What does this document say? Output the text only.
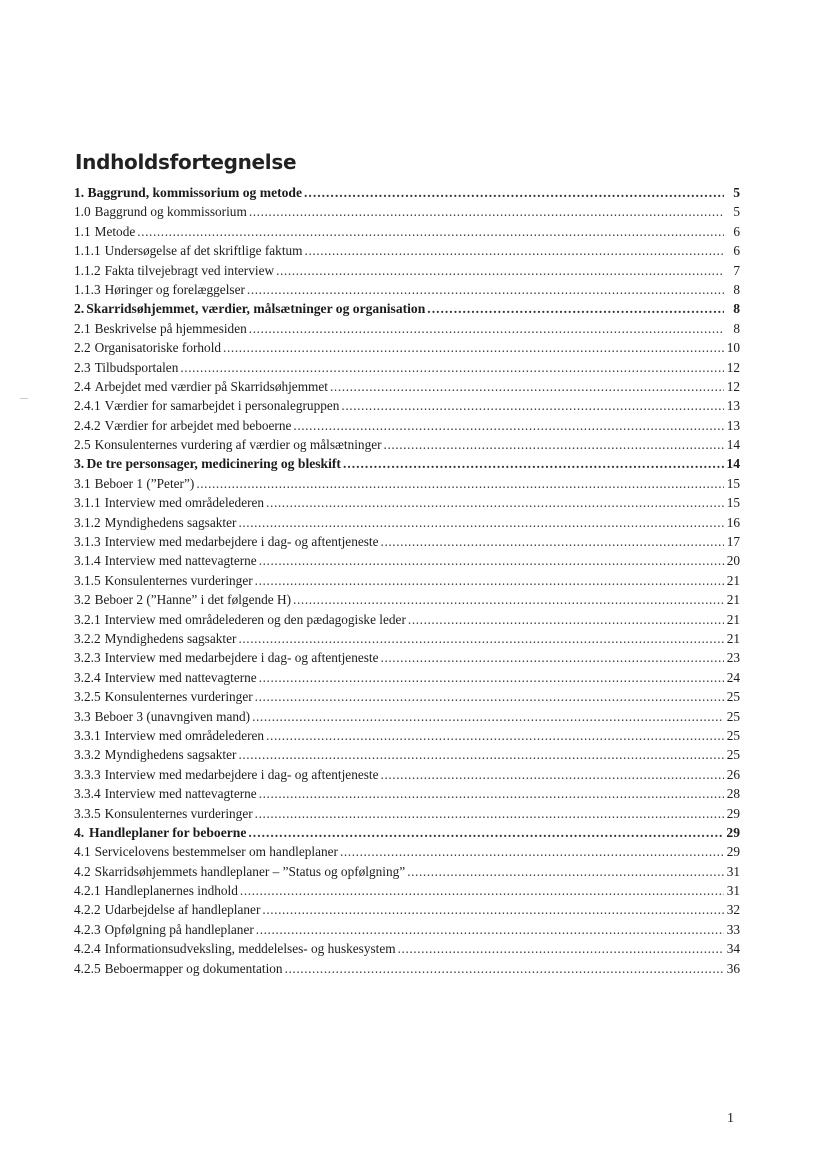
Indholdsfortegnelse
1. Baggrund, kommissorium og metode .....	5
1.0 Baggrund og kommissorium .....	5
1.1 Metode .....	6
1.1.1 Undersøgelse af det skriftlige faktum .....	6
1.1.2 Fakta tilvejebragt ved interview .....	7
1.1.3 Høringer og forelæggelser .....	8
2. Skarridsøhjemmet, værdier, målsætninger og organisation .....	8
2.1 Beskrivelse på hjemmesiden .....	8
2.2 Organisatoriske forhold .....	10
2.3 Tilbudsportalen .....	12
2.4 Arbejdet med værdier på Skarridsøhjemmet .....	12
2.4.1 Værdier for samarbejdet i personalegruppen .....	13
2.4.2 Værdier for arbejdet med beboerne .....	13
2.5 Konsulenternes vurdering af værdier og målsætninger .....	14
3. De tre personsager, medicinering og bleskift .....	14
3.1 Beboer 1 (”Peter”) .....	15
3.1.1 Interview med områdelederen .....	15
3.1.2 Myndighedens sagsakter .....	16
3.1.3 Interview med medarbejdere i dag- og aftentjeneste .....	17
3.1.4 Interview med nattevagterne .....	20
3.1.5 Konsulenternes vurderinger .....	21
3.2 Beboer 2 (”Hanne” i det følgende H) .....	21
3.2.1 Interview med områdelederen og den pædagogiske leder .....	21
3.2.2 Myndighedens sagsakter .....	21
3.2.3 Interview med medarbejdere i dag- og aftentjeneste .....	23
3.2.4 Interview med nattevagterne .....	24
3.2.5 Konsulenternes vurderinger .....	25
3.3 Beboer 3 (unavngiven mand) .....	25
3.3.1 Interview med områdelederen .....	25
3.3.2 Myndighedens sagsakter .....	25
3.3.3 Interview med medarbejdere i dag- og aftentjeneste .....	26
3.3.4 Interview med nattevagterne .....	28
3.3.5 Konsulenternes vurderinger .....	29
4. Handleplaner for beboerne .....	29
4.1 Servicelovens bestemmelser om handleplaner .....	29
4.2 Skarridsøhjemmets handleplaner – ”Status og opfølgning” .....	31
4.2.1 Handleplanernes indhold .....	31
4.2.2 Udarbejdelse af handleplaner .....	32
4.2.3 Opfølgning på handleplaner .....	33
4.2.4 Informationsudveksling, meddelelses- og huskesystem .....	34
4.2.5 Beboermapper og dokumentation .....	36
1
